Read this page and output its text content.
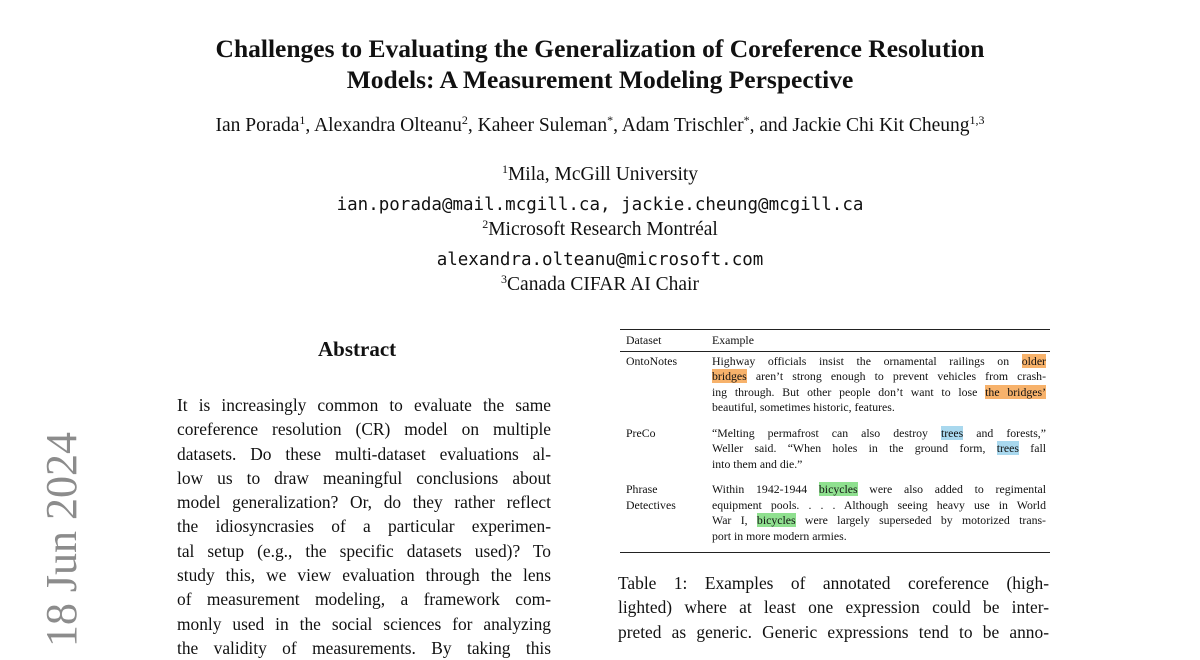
Challenges to Evaluating the Generalization of Coreference Resolution
Models: A Measurement Modeling Perspective
Ian Porada$^1$, Alexandra Olteanu$^2$, Kaheer Suleman*, Adam Trischler*, and Jackie Chi Kit Cheung$^{1,3}$
$^1$Mila, McGill University
ian.porada@mail.mcgill.ca, jackie.cheung@mcgill.ca
$^2$Microsoft Research Montréal
alexandra.olteanu@microsoft.com
$^3$Canada CIFAR AI Chair
18 Jun 2024
Abstract
It is increasingly common to evaluate the same
coreference resolution (CR) model on multiple
datasets. Do these multi-dataset evaluations al-
low us to draw meaningful conclusions about
model generalization? Or, do they rather reflect
the idiosyncrasies of a particular experimen-
tal setup (e.g., the specific datasets used)? To
study this, we view evaluation through the lens
of measurement modeling, a framework com-
monly used in the social sciences for analyzing
the validity of measurements. By taking this
Dataset	Example
OntoNotes	Highway officials insist the ornamental railings on older
bridges aren’t strong enough to prevent vehicles from crash-
ing through. But other people don’t want to lose the bridges’
beautiful, sometimes historic, features.

PreCo	“Melting permafrost can also destroy trees and forests,”
Weller said. “When holes in the ground form, trees fall
into them and die.”

Phrase Detectives	Within 1942-1944 bicycles were also added to regimental
equipment pools. . . . Although seeing heavy use in World
War I, bicycles were largely superseded by motorized trans-
port in more modern armies.
Table 1: Examples of annotated coreference (high-
lighted) where at least one expression could be inter-
preted as generic. Generic expressions tend to be anno-
